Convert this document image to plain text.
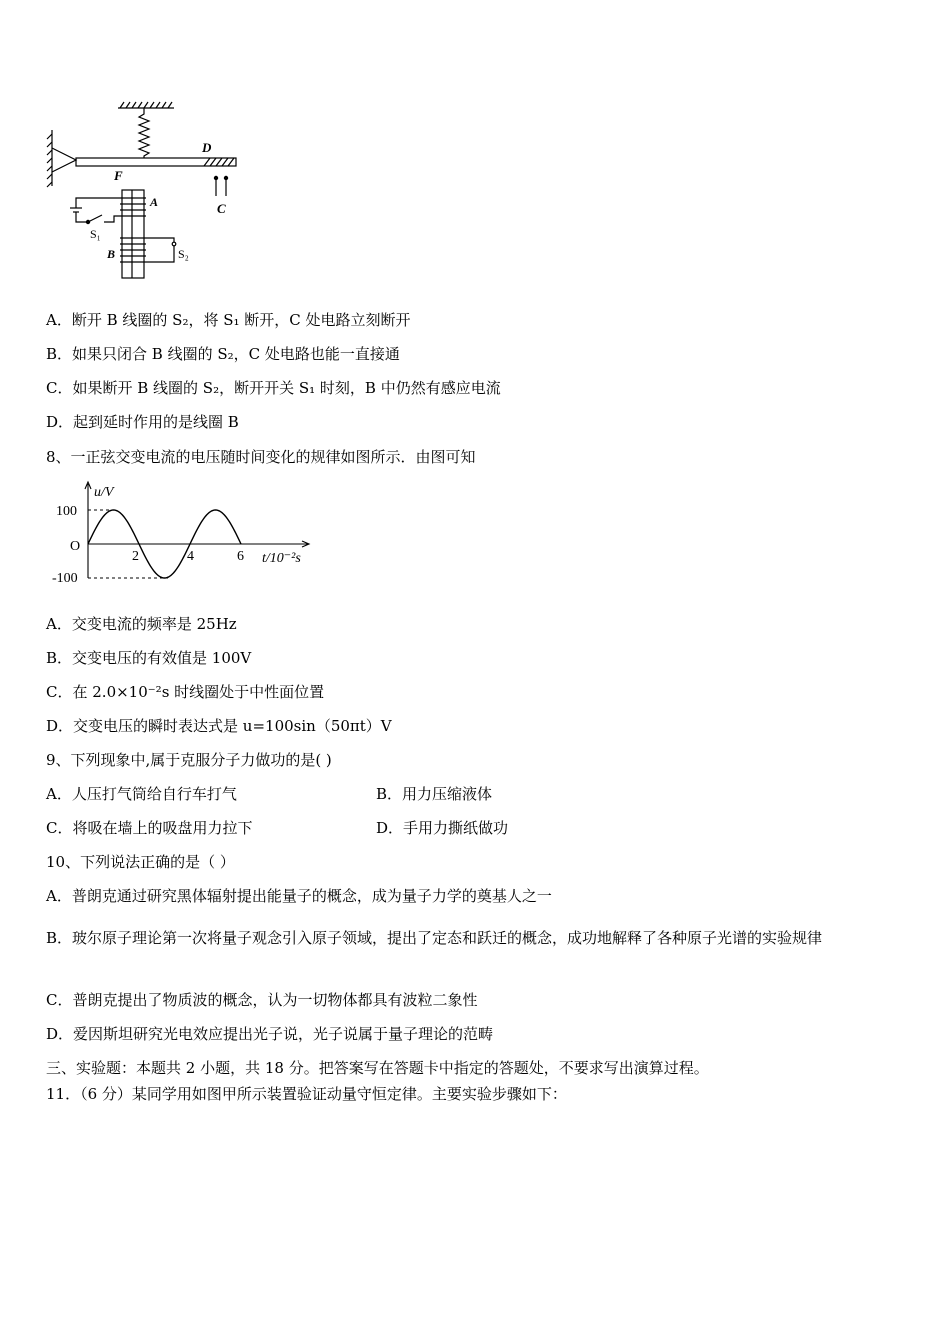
D
F
C
A
B
S₁
S₂
A．断开 B 线圈的 S₂，将 S₁ 断开，C 处电路立刻断开
B．如果只闭合 B 线圈的 S₂，C 处电路也能一直接通
C．如果断开 B 线圈的 S₂，断开开关 S₁ 时刻，B 中仍然有感应电流
D．起到延时作用的是线圈 B
8、一正弦交变电流的电压随时间变化的规律如图所示．由图可知
u/V
100
O
-100
2	4	6 t/10⁻²s
A．交变电流的频率是 25Hz
B．交变电压的有效值是 100V
C．在 2.0×10⁻²s 时线圈处于中性面位置
D．交变电压的瞬时表达式是 u=100sin（50πt）V
9、下列现象中,属于克服分子力做功的是( )
A．人压打气筒给自行车打气	B．用力压缩液体
C．将吸在墙上的吸盘用力拉下	D．手用力撕纸做功
10、下列说法正确的是（ ）
A．普朗克通过研究黑体辐射提出能量子的概念，成为量子力学的奠基人之一
B．玻尔原子理论第一次将量子观念引入原子领域，提出了定态和跃迁的概念，成功地解释了各种原子光谱的实验规律
C．普朗克提出了物质波的概念，认为一切物体都具有波粒二象性
D．爱因斯坦研究光电效应提出光子说，光子说属于量子理论的范畴
三、实验题：本题共 2 小题，共 18 分。把答案写在答题卡中指定的答题处，不要求写出演算过程。
11．（6 分）某同学用如图甲所示装置验证动量守恒定律。主要实验步骤如下：
